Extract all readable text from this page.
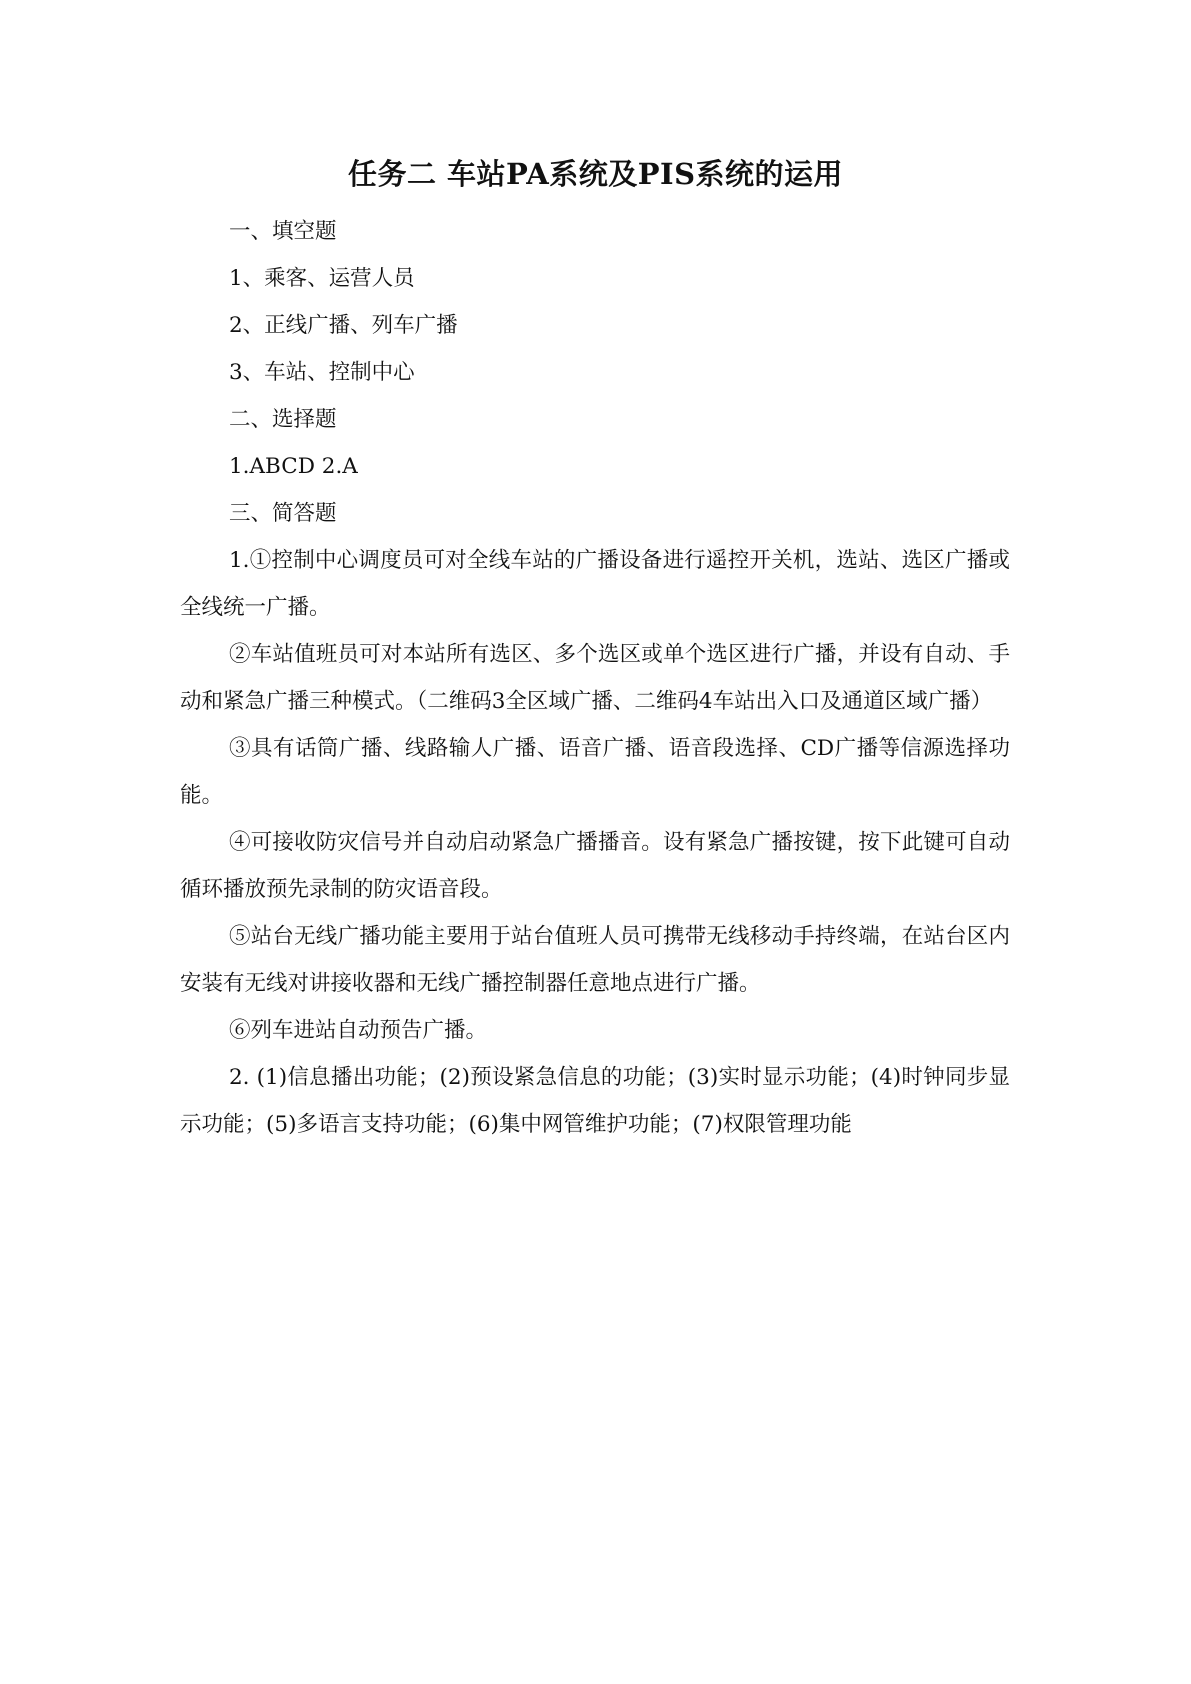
任务二 车站PA系统及PIS系统的运用

一、填空题

1、乘客、运营人员

2、正线广播、列车广播

3、车站、控制中心

二、选择题

1.ABCD 2.A

三、简答题

1.①控制中心调度员可对全线车站的广播设备进行遥控开关机，选站、选区广播或全线统一广播。

②车站值班员可对本站所有选区、多个选区或单个选区进行广播，并设有自动、手动和紧急广播三种模式。（二维码3全区域广播、二维码4车站出入口及通道区域广播）

③具有话筒广播、线路输人广播、语音广播、语音段选择、CD广播等信源选择功能。

④可接收防灾信号并自动启动紧急广播播音。设有紧急广播按键，按下此键可自动循环播放预先录制的防灾语音段。

⑤站台无线广播功能主要用于站台值班人员可携带无线移动手持终端，在站台区内安装有无线对讲接收器和无线广播控制器任意地点进行广播。

⑥列车进站自动预告广播。

2. (1)信息播出功能；(2)预设紧急信息的功能；(3)实时显示功能；(4)时钟同步显示功能；(5)多语言支持功能；(6)集中网管维护功能；(7)权限管理功能
